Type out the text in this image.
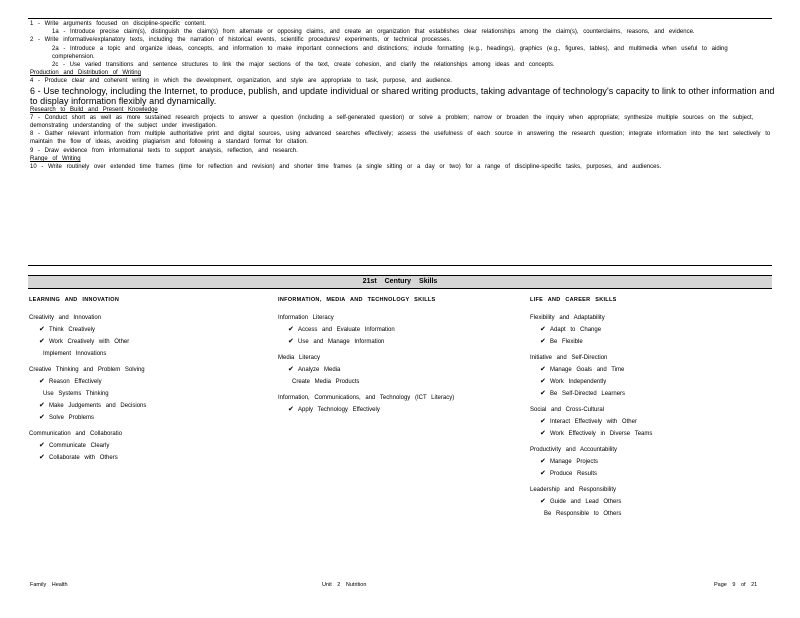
1 - Write arguments focused on discipline-specific content.

1a - Introduce precise claim(s), distinguish the claim(s) from alternate or opposing claims, and create an organization that establishes clear relationships among the claim(s), counterclaims, reasons, and evidence.

2 - Write informative/explanatory texts, including the narration of historical events, scientific procedures/ experiments, or technical processes.

2a - Introduce a topic and organize ideas, concepts, and information to make important connections and distinctions; include formatting (e.g., headings), graphics (e.g., figures, tables), and multimedia when useful to aiding comprehension.

2c - Use varied transitions and sentence structures to link the major sections of the text, create cohesion, and clarify the relationships among ideas and concepts.

Production and Distribution of Writing

4 - Produce clear and coherent writing in which the development, organization, and style are appropriate to task, purpose, and audience.

6 - Use technology, including the Internet, to produce, publish, and update individual or shared writing products, taking advantage of technology's capacity to link to other information and to display information flexibly and dynamically.

Research to Build and Present Knowledge

7 - Conduct short as well as more sustained research projects to answer a question (including a self-generated question) or solve a problem; narrow or broaden the inquiry when appropriate; synthesize multiple sources on the subject, demonstrating understanding of the subject under investigation.

8 - Gather relevant information from multiple authoritative print and digital sources, using advanced searches effectively; assess the usefulness of each source in answering the research question; integrate information into the text selectively to maintain the flow of ideas, avoiding plagiarism and following a standard format for citation.

9 - Draw evidence from informational texts to support analysis, reflection, and research.

Range of Writing

10 - Write routinely over extended time frames (time for reflection and revision) and shorter time frames (a single sitting or a day or two) for a range of discipline-specific tasks, purposes, and audiences.

21st Century Skills
LEARNING AND INNOVATION
Creativity and Innovation
✔ Think Creatively
✔ Work Creatively with Other
Implement Innovations
Creative Thinking and Problem Solving
✔ Reason Effectively
Use Systems Thinking
✔ Make Judgements and Decisions
✔ Solve Problems
Communication and Collaboratio
✔ Communicate Clearly
✔ Collaborate with Others
INFORMATION, MEDIA AND TECHNOLOGY SKILLS
Information Literacy
✔ Access and Evaluate Information
✔ Use and Manage Information
Media Literacy
✔ Analyze Media
Create Media Products
Information, Communications, and Technology (ICT Literacy)
✔ Apply Technology Effectively
LIFE AND CAREER SKILLS
Flexibility and Adaptability
✔ Adapt to Change
✔ Be Flexible
Initiative and Self-Direction
✔ Manage Goals and Time
✔ Work Independently
✔ Be Self-Directed Learners
Social and Cross-Cultural
✔ Interact Effectively with Other
✔ Work Effectively in Diverse Teams
Productivity and Accountability
✔ Manage Projects
✔ Produce Results
Leadership and Responsibility
✔ Guide and Lead Others
Be Responsible to Others
Family Health	Unit 2 Nutrition	Page 9 of 21
